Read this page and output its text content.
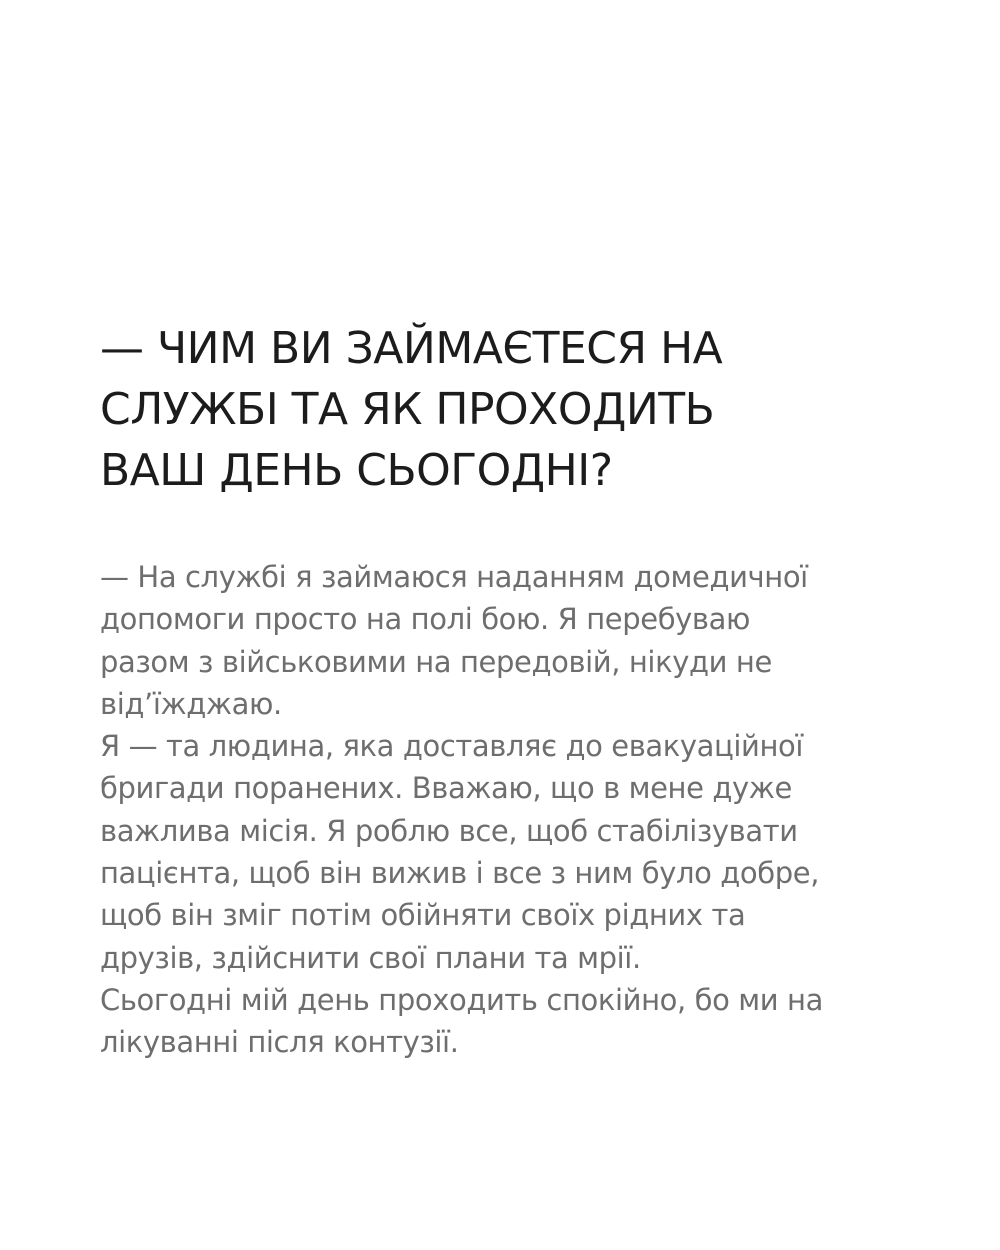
— ЧИМ ВИ ЗАЙМАЄТЕСЯ НА
СЛУЖБІ ТА ЯК ПРОХОДИТЬ
ВАШ ДЕНЬ СЬОГОДНІ?

— На службі я займаюся наданням домедичної
допомоги просто на полі бою. Я перебуваю
разом з військовими на передовій, нікуди не
від’їжджаю.
Я — та людина, яка доставляє до евакуаційної
бригади поранених. Вважаю, що в мене дуже
важлива місія. Я роблю все, щоб стабілізувати
пацієнта, щоб він вижив і все з ним було добре,
щоб він зміг потім обійняти своїх рідних та
друзів, здійснити свої плани та мрії.
Сьогодні мій день проходить спокійно, бо ми на
лікуванні після контузії.
